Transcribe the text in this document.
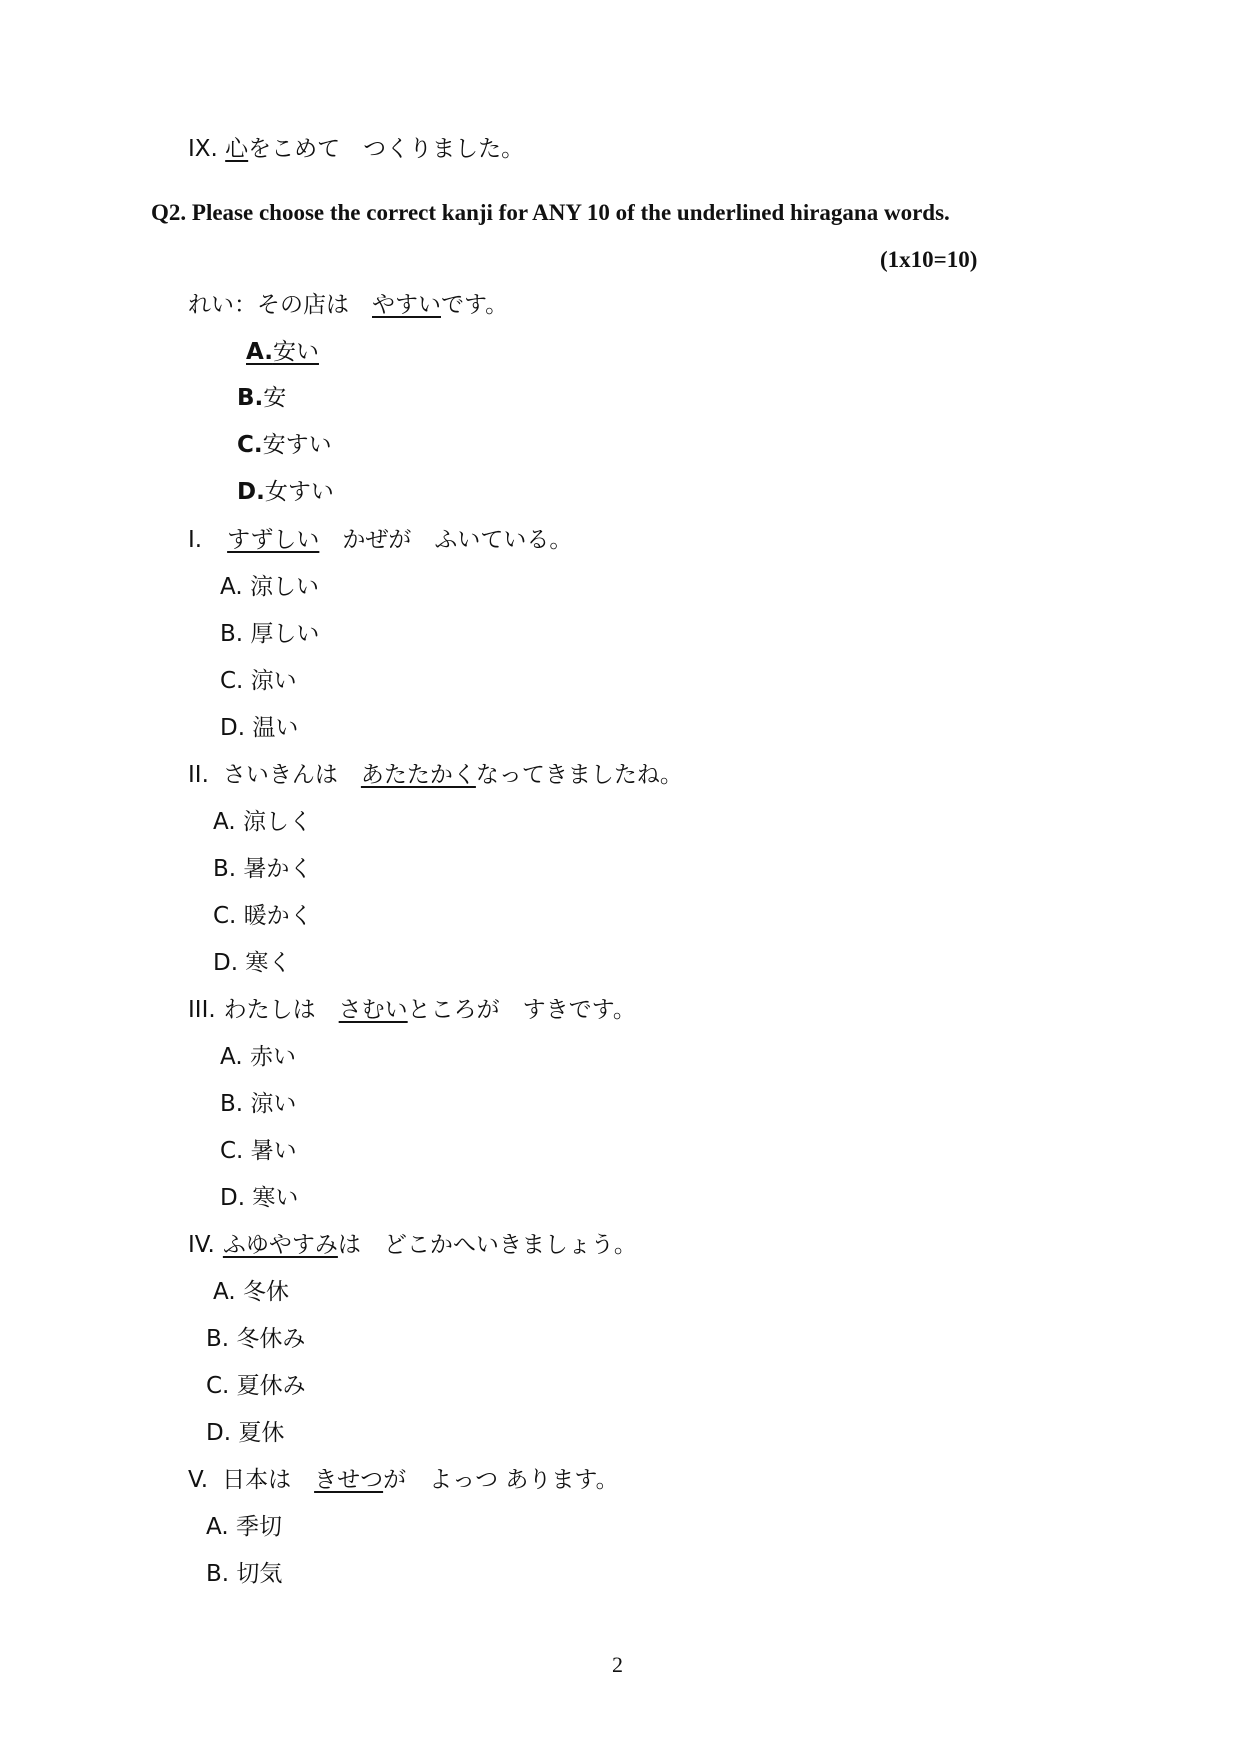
IX. 心をこめて　つくりました。
Q2. Please choose the correct kanji for ANY 10 of the underlined hiragana words.
(1x10=10)
れい：その店は　やすいです。
A.安い
B.安
C.安すい
D.女すい
I. すずしい　かぜが　ふいている。
A. 涼しい
B. 厚しい
C. 涼い
D. 温い
II. さいきんは　あたたかくなってきましたね。
A. 涼しく
B. 暑かく
C. 暖かく
D. 寒く
III. わたしは　さむいところが　すきです。
A. 赤い
B. 涼い
C. 暑い
D. 寒い
IV. ふゆやすみは　どこかへいきましょう。
A. 冬休
B. 冬休み
C. 夏休み
D. 夏休
V. 日本は　きせつが　よっつ あります。
A. 季切
B. 切気
2
